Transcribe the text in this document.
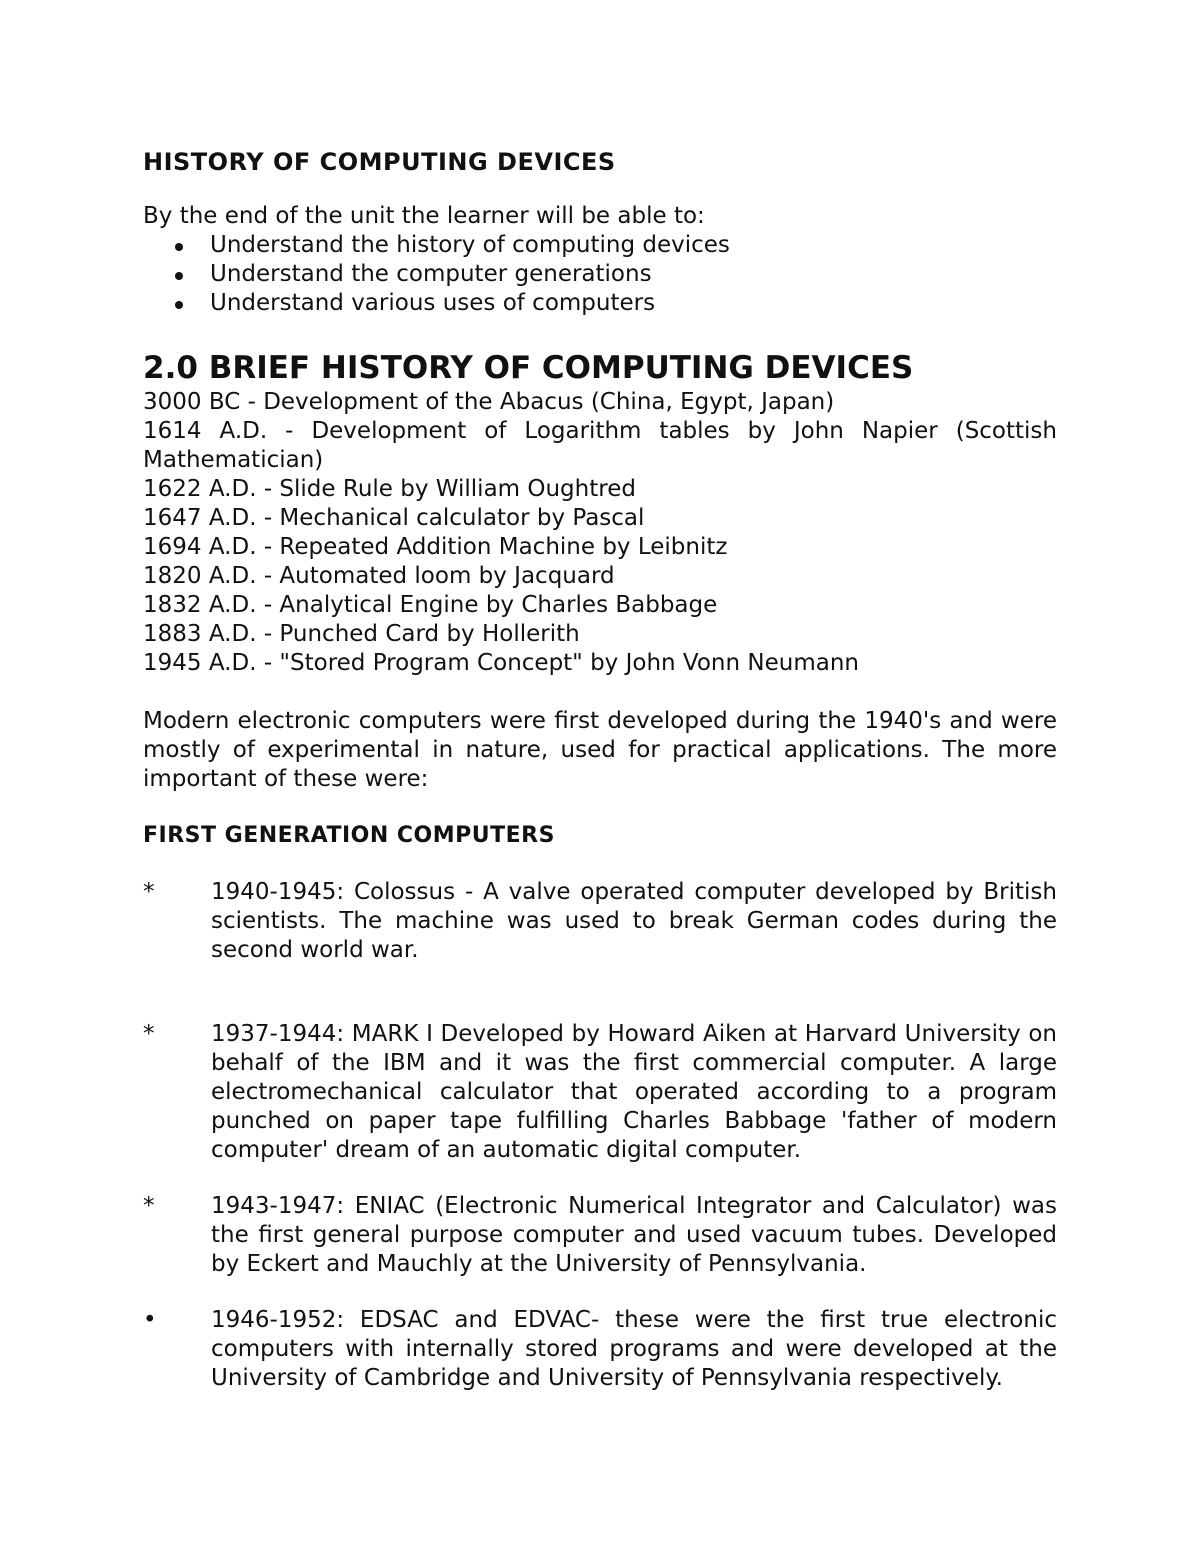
HISTORY OF COMPUTING DEVICES
By the end of the unit the learner will be able to:
Understand the history of computing devices
Understand the computer generations
Understand various uses of computers
2.0 BRIEF HISTORY OF COMPUTING DEVICES
3000 BC - Development of the Abacus (China, Egypt, Japan)
1614 A.D. - Development of Logarithm tables by John Napier (Scottish Mathematician)
1622 A.D. - Slide Rule by William Oughtred
1647 A.D. - Mechanical calculator by Pascal
1694 A.D. - Repeated Addition Machine by Leibnitz
1820 A.D. - Automated loom by Jacquard
1832 A.D. - Analytical Engine by Charles Babbage
1883 A.D. - Punched Card by Hollerith
1945 A.D. - "Stored Program Concept" by John Vonn Neumann

Modern electronic computers were first developed during the 1940's and were mostly of experimental in nature, used for practical applications. The more important of these were:

FIRST GENERATION COMPUTERS
*	1940-1945: Colossus - A valve operated computer developed by British scientists. The machine was used to break German codes during the second world war.
*	1937-1944: MARK I Developed by Howard Aiken at Harvard University on behalf of the IBM and it was the first commercial computer. A large electromechanical calculator that operated according to a program punched on paper tape fulfilling Charles Babbage 'father of modern computer' dream of an automatic digital computer.
*	1943-1947: ENIAC (Electronic Numerical Integrator and Calculator) was the first general purpose computer and used vacuum tubes. Developed by Eckert and Mauchly at the University of Pennsylvania.
• 1946-1952: EDSAC and EDVAC- these were the first true electronic computers with internally stored programs and were developed at the University of Cambridge and University of Pennsylvania respectively.
